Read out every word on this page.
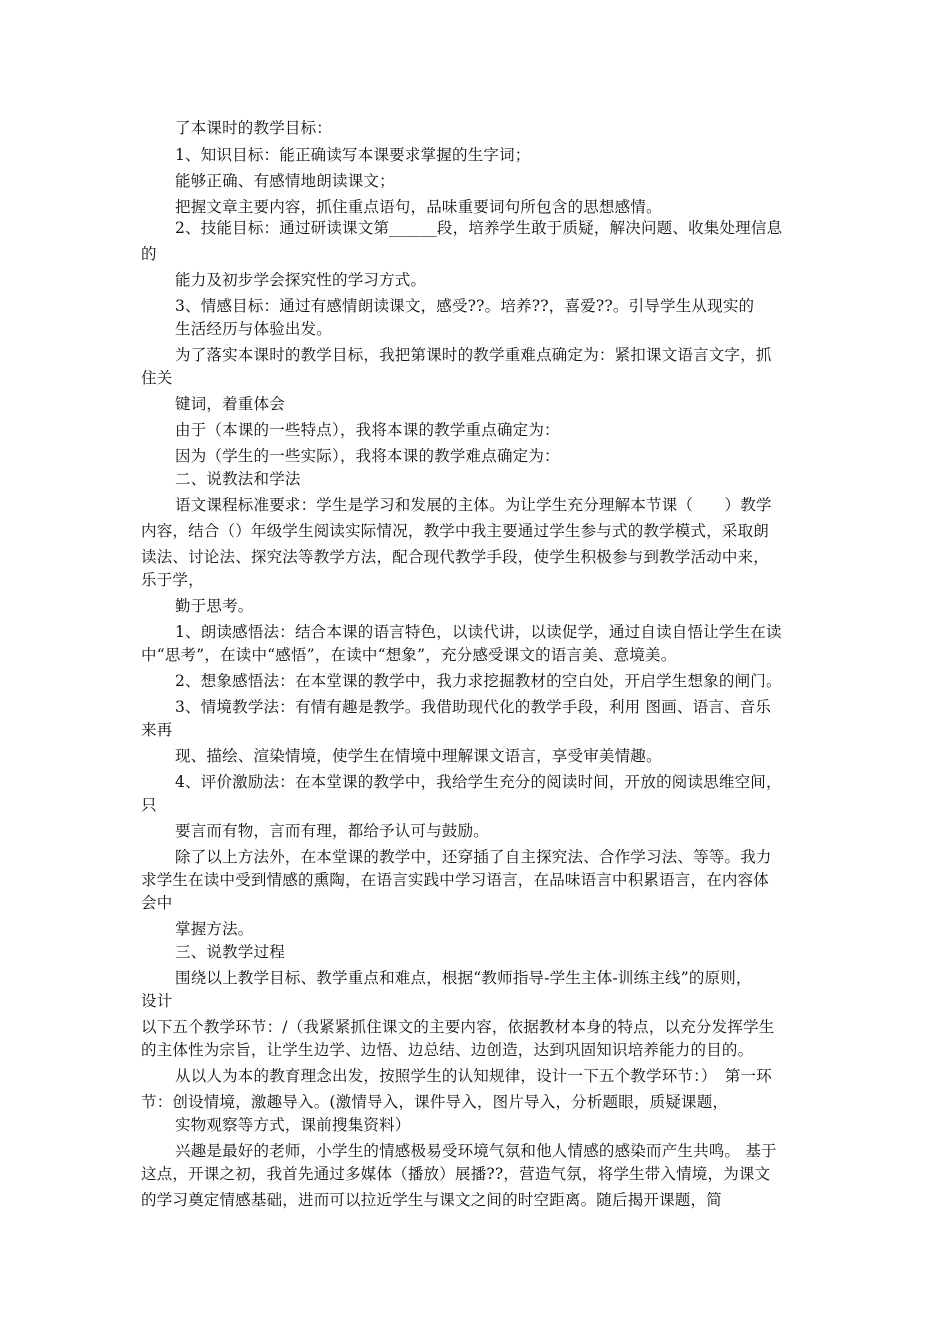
了本课时的教学目标：
1、知识目标：能正确读写本课要求掌握的生字词；
能够正确、有感情地朗读课文；
把握文章主要内容，抓住重点语句，品味重要词句所包含的思想感情。
2、技能目标：通过研读课文第______段，培养学生敢于质疑，解决问题、收集处理信息
的
能力及初步学会探究性的学习方式。
3、情感目标：通过有感情朗读课文，感受??。培养??，喜爱??。引导学生从现实的
生活经历与体验出发。
为了落实本课时的教学目标，我把第课时的教学重难点确定为：紧扣课文语言文字，抓
住关
键词，着重体会
由于（本课的一些特点），我将本课的教学重点确定为：
因为（学生的一些实际），我将本课的教学难点确定为：
二、说教法和学法
语文课程标准要求：学生是学习和发展的主体。为让学生充分理解本节课（　　）教学
内容，结合（）年级学生阅读实际情况，教学中我主要通过学生参与式的教学模式，采取朗
读法、讨论法、探究法等教学方法，配合现代教学手段，使学生积极参与到教学活动中来，
乐于学，
勤于思考。
1、朗读感悟法：结合本课的语言特色，以读代讲，以读促学，通过自读自悟让学生在读
中“思考”，在读中“感悟”，在读中“想象”，充分感受课文的语言美、意境美。
2、想象感悟法：在本堂课的教学中，我力求挖掘教材的空白处，开启学生想象的闸门。
3、情境教学法：有情有趣是教学。我借助现代化的教学手段，利用 图画、语言、音乐
来再
现、描绘、渲染情境，使学生在情境中理解课文语言，享受审美情趣。
4、评价激励法：在本堂课的教学中，我给学生充分的阅读时间，开放的阅读思维空间，
只
要言而有物，言而有理，都给予认可与鼓励。
除了以上方法外，在本堂课的教学中，还穿插了自主探究法、合作学习法、等等。我力
求学生在读中受到情感的熏陶，在语言实践中学习语言，在品味语言中积累语言，在内容体
会中
掌握方法。
三、说教学过程
围绕以上教学目标、教学重点和难点，根据“教师指导-学生主体-训练主线”的原则，
设计
以下五个教学环节：/（我紧紧抓住课文的主要内容，依据教材本身的特点，以充分发挥学生
的主体性为宗旨，让学生边学、边悟、边总结、边创造，达到巩固知识培养能力的目的。
从以人为本的教育理念出发，按照学生的认知规律，设计一下五个教学环节：）　第一环
节：创设情境，激趣导入。(激情导入，课件导入，图片导入，分析题眼，质疑课题，
实物观察等方式，课前搜集资料）
兴趣是最好的老师，小学生的情感极易受环境气氛和他人情感的感染而产生共鸣。 基于
这点，开课之初，我首先通过多媒体（播放）展播??，营造气氛，将学生带入情境，为课文
的学习奠定情感基础，进而可以拉近学生与课文之间的时空距离。随后揭开课题，简
